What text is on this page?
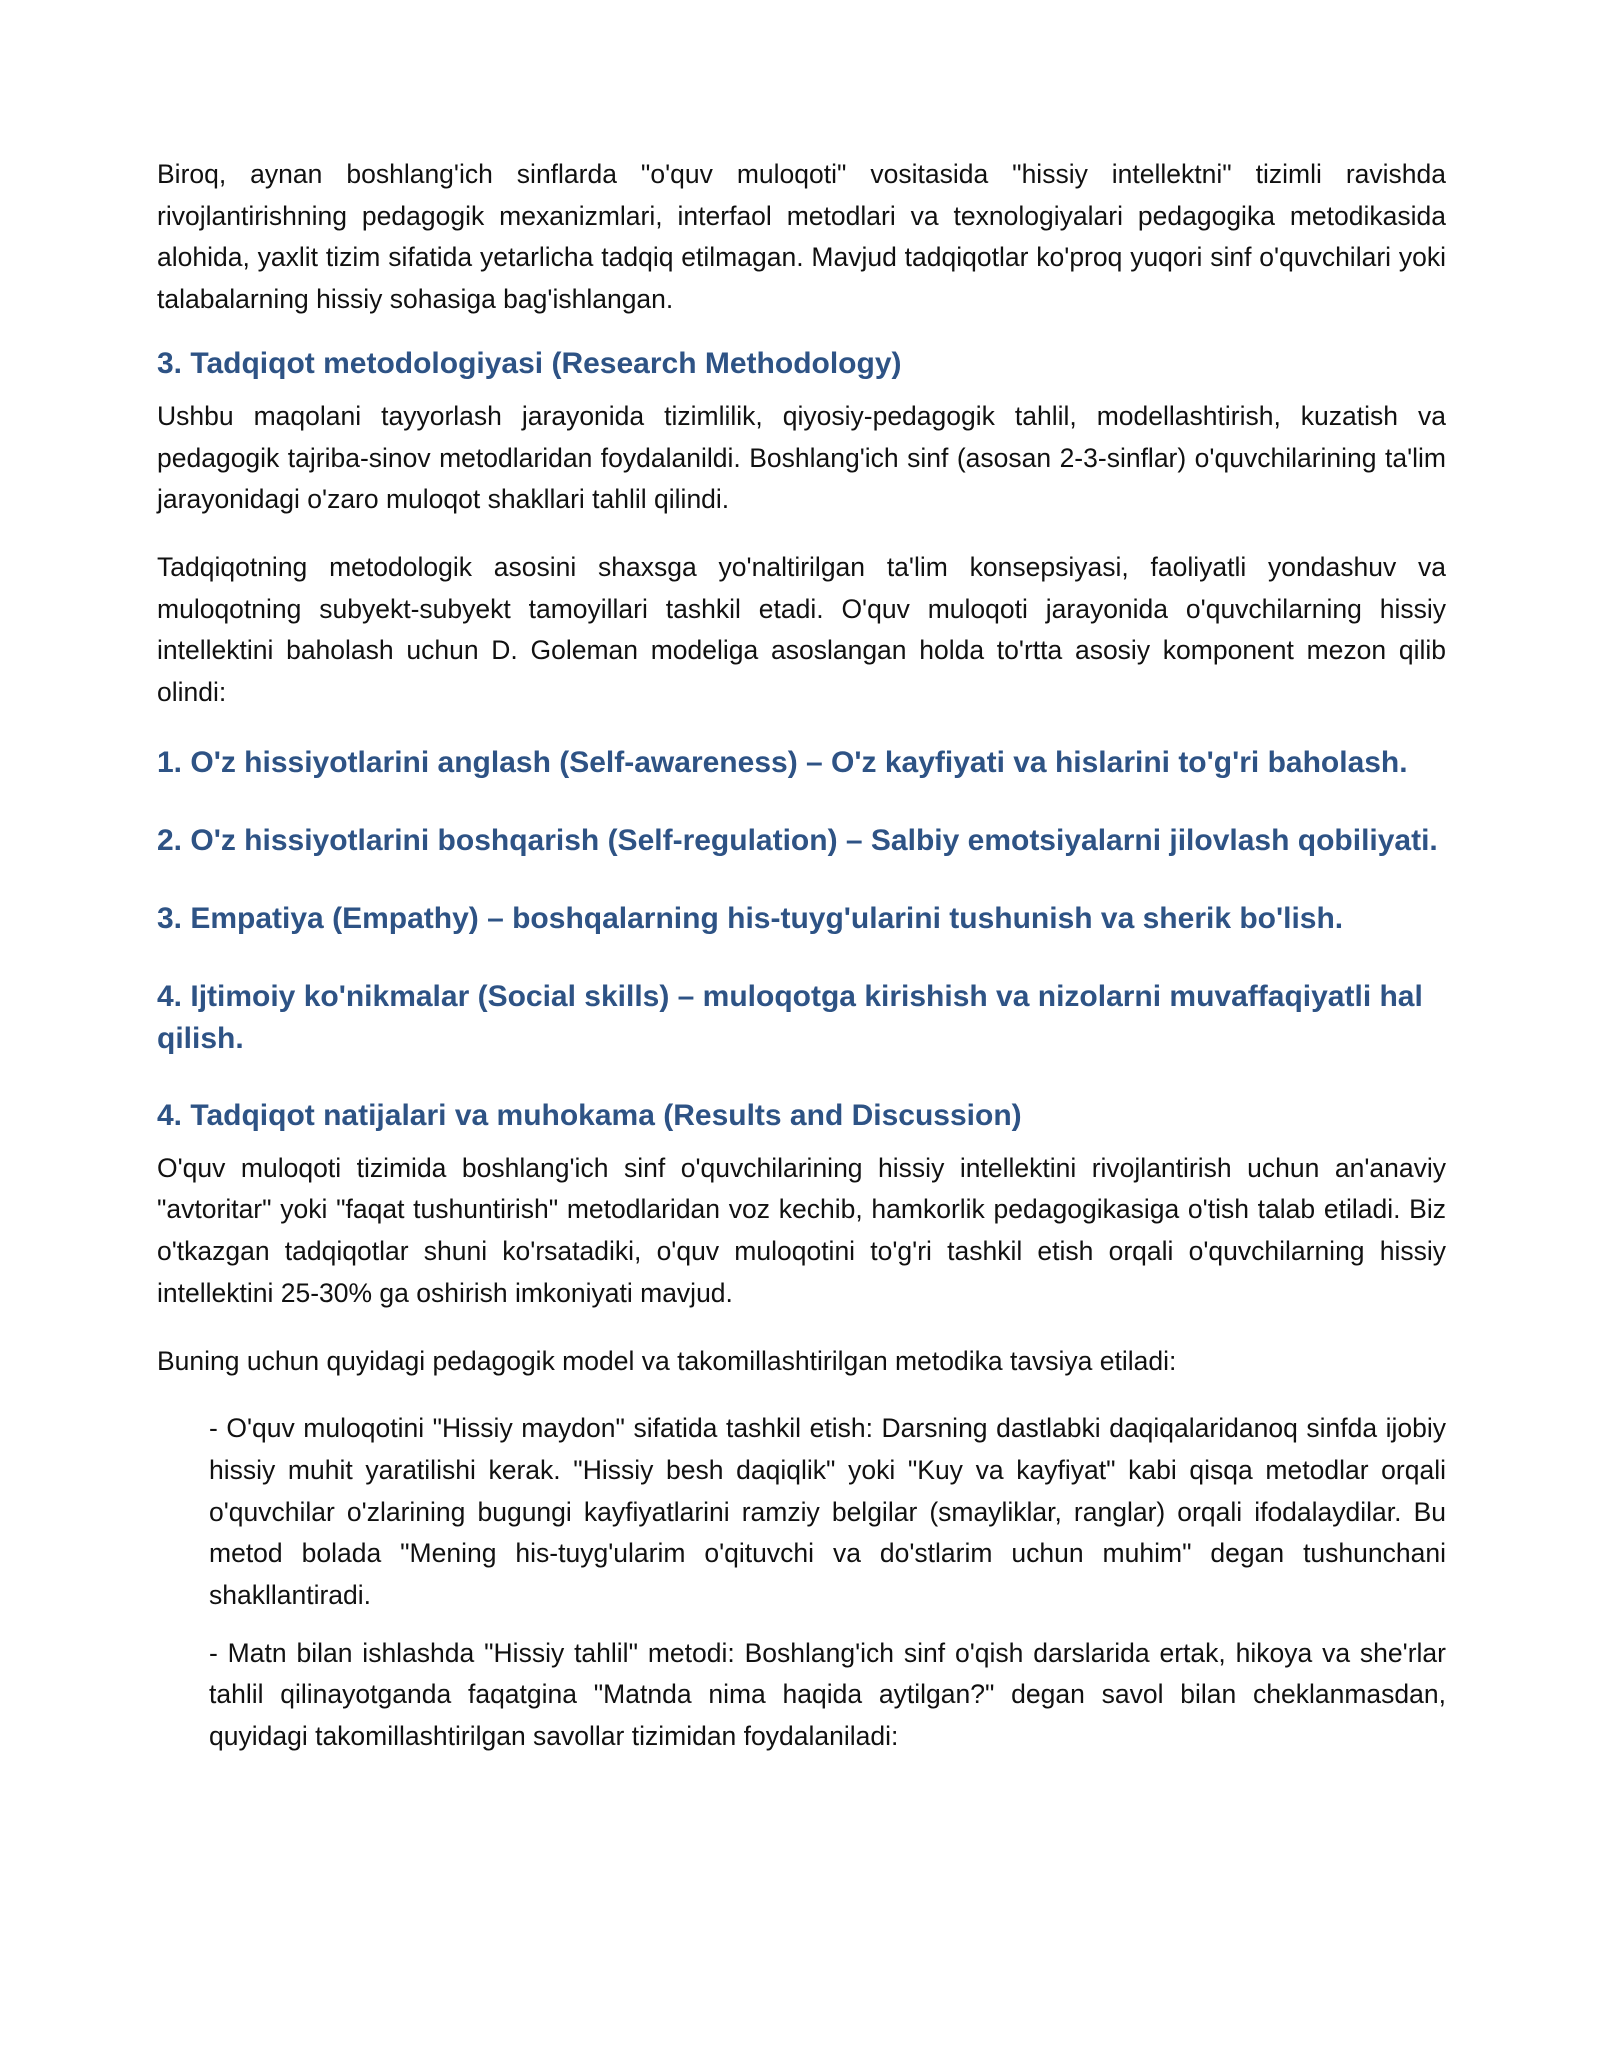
Biroq, aynan boshlang'ich sinflarda "o'quv muloqoti" vositasida "hissiy intellektni" tizimli ravishda rivojlantirishning pedagogik mexanizmlari, interfaol metodlari va texnologiyalari pedagogika metodikasida alohida, yaxlit tizim sifatida yetarlicha tadqiq etilmagan. Mavjud tadqiqotlar ko'proq yuqori sinf o'quvchilari yoki talabalarning hissiy sohasiga bag'ishlangan.

3. Tadqiqot metodologiyasi (Research Methodology)

Ushbu maqolani tayyorlash jarayonida tizimlilik, qiyosiy-pedagogik tahlil, modellashtirish, kuzatish va pedagogik tajriba-sinov metodlaridan foydalanildi. Boshlang'ich sinf (asosan 2-3-sinflar) o'quvchilarining ta'lim jarayonidagi o'zaro muloqot shakllari tahlil qilindi.

Tadqiqotning metodologik asosini shaxsga yo'naltirilgan ta'lim konsepsiyasi, faoliyatli yondashuv va muloqotning subyekt-subyekt tamoyillari tashkil etadi. O'quv muloqoti jarayonida o'quvchilarning hissiy intellektini baholash uchun D. Goleman modeliga asoslangan holda to'rtta asosiy komponent mezon qilib olindi:

1. O'z hissiyotlarini anglash (Self-awareness) – O'z kayfiyati va hislarini to'g'ri baholash.
2. O'z hissiyotlarini boshqarish (Self-regulation) – Salbiy emotsiyalarni jilovlash qobiliyati.
3. Empatiya (Empathy) – boshqalarning his-tuyg'ularini tushunish va sherik bo'lish.
4. Ijtimoiy ko'nikmalar (Social skills) – muloqotga kirishish va nizolarni muvaffaqiyatli hal qilish.
4. Tadqiqot natijalari va muhokama (Results and Discussion)

O'quv muloqoti tizimida boshlang'ich sinf o'quvchilarining hissiy intellektini rivojlantirish uchun an'anaviy "avtoritar" yoki "faqat tushuntirish" metodlaridan voz kechib, hamkorlik pedagogikasiga o'tish talab etiladi. Biz o'tkazgan tadqiqotlar shuni ko'rsatadiki, o'quv muloqotini to'g'ri tashkil etish orqali o'quvchilarning hissiy intellektini 25-30% ga oshirish imkoniyati mavjud.

Buning uchun quyidagi pedagogik model va takomillashtirilgan metodika tavsiya etiladi:

- O'quv muloqotini "Hissiy maydon" sifatida tashkil etish: Darsning dastlabki daqiqalaridanoq sinfda ijobiy hissiy muhit yaratilishi kerak. "Hissiy besh daqiqlik" yoki "Kuy va kayfiyat" kabi qisqa metodlar orqali o'quvchilar o'zlarining bugungi kayfiyatlarini ramziy belgilar (smayliklar, ranglar) orqali ifodalaydilar. Bu metod bolada "Mening his-tuyg'ularim o'qituvchi va do'stlarim uchun muhim" degan tushunchani shakllantiradi.

- Matn bilan ishlashda "Hissiy tahlil" metodi: Boshlang'ich sinf o'qish darslarida ertak, hikoya va she'rlar tahlil qilinayotganda faqatgina "Matnda nima haqida aytilgan?" degan savol bilan cheklanmasdan, quyidagi takomillashtirilgan savollar tizimidan foydalaniladi:
